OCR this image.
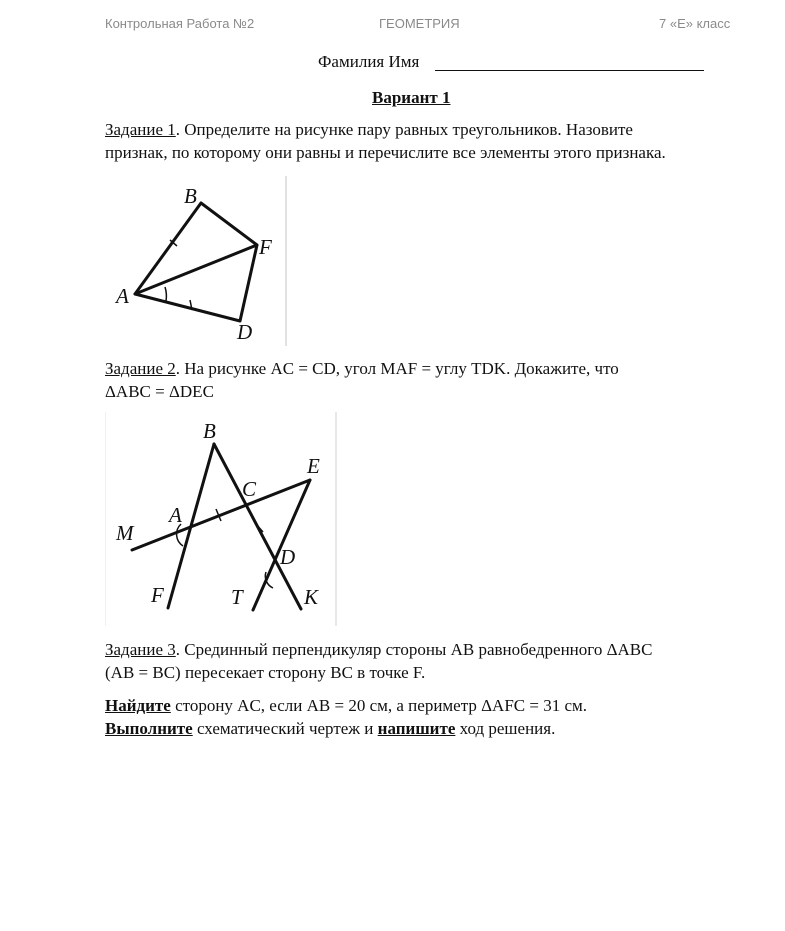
Контрольная Работа №2	ГЕОМЕТРИЯ	7 «Е» класс
Фамилия Имя
Вариант 1
Задание 1. Определите на рисунке пару равных треугольников. Назовите
признак, по которому они равны и перечислите все элементы этого признака.
B
F
A
D
Задание 2. На рисунке AC = CD, угол MAF = углу TDK. Докажите, что
ΔABC = ΔDEC
B
E
C
A
M
D
F	T	K
Задание 3. Срединный перпендикуляр стороны AB равнобедренного ΔABC
(AB = BC) пересекает сторону BC в точке F.
Найдите сторону AC, если AB = 20 см, а периметр ΔAFC = 31 см.
Выполните схематический чертеж и напишите ход решения.
